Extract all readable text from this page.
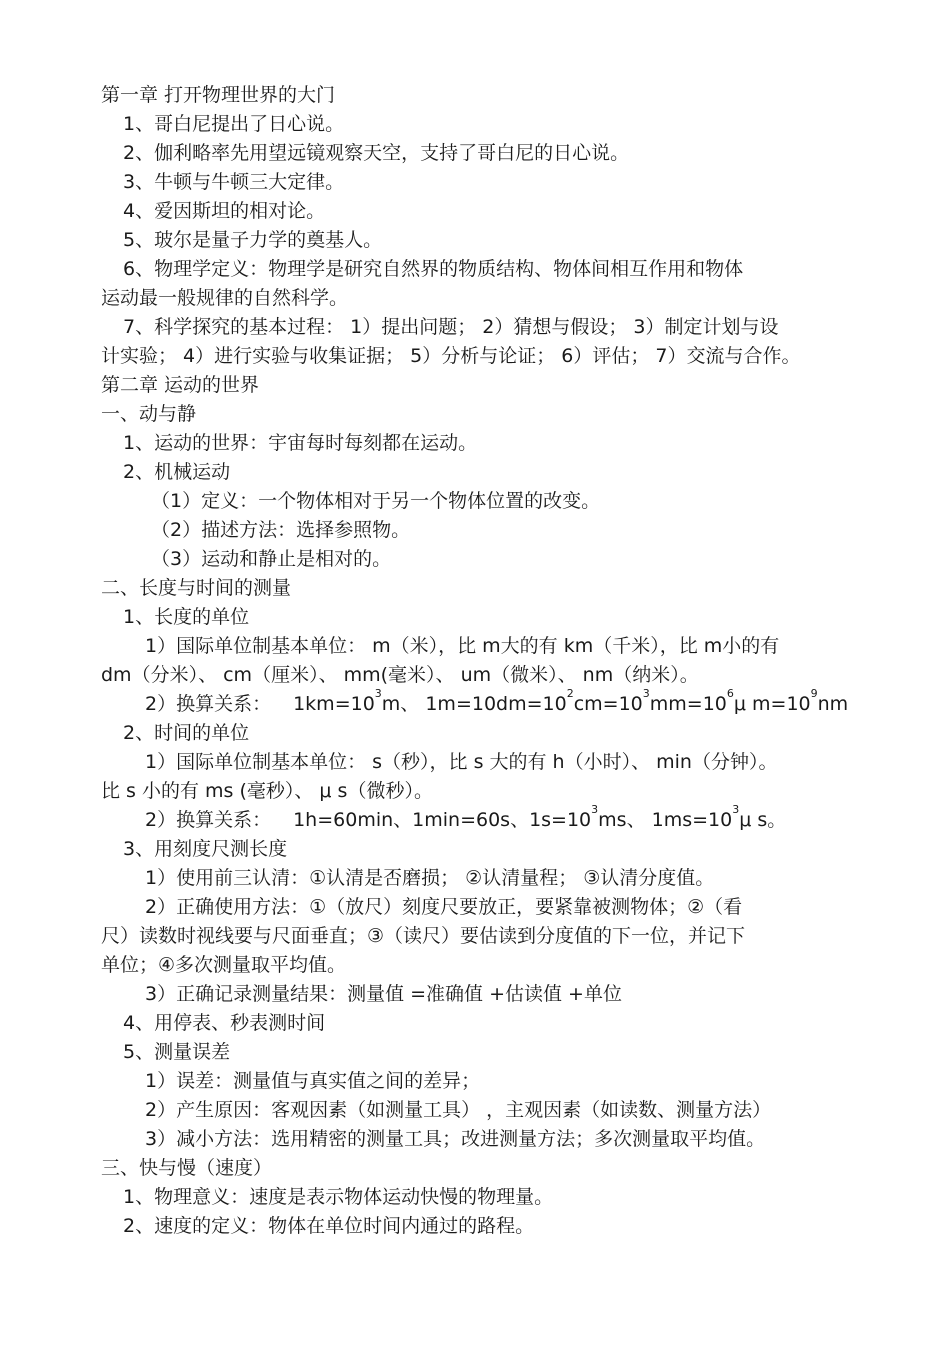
第一章 打开物理世界的大门
1、哥白尼提出了日心说。
2、伽利略率先用望远镜观察天空，支持了哥白尼的日心说。
3、牛顿与牛顿三大定律。
4、爱因斯坦的相对论。
5、玻尔是量子力学的奠基人。
6、物理学定义：物理学是研究自然界的物质结构、物体间相互作用和物体
运动最一般规律的自然科学。
7、科学探究的基本过程： 1）提出问题； 2）猜想与假设； 3）制定计划与设
计实验； 4）进行实验与收集证据； 5）分析与论证； 6）评估； 7）交流与合作。
第二章 运动的世界
一、动与静
1、运动的世界：宇宙每时每刻都在运动。
2、机械运动
（1）定义：一个物体相对于另一个物体位置的改变。
（2）描述方法：选择参照物。
（3）运动和静止是相对的。
二、长度与时间的测量
1、长度的单位
1）国际单位制基本单位： m（米），比 m大的有 km（千米），比 m小的有
dm（分米）、 cm（厘米）、 mm(毫米）、 um（微米）、 nm（纳米）。
2）换算关系： $1km=10^3m$、 $1m=10dm=10^2cm=10^3mm=10^6\mu$ $m=10^9nm$
2、时间的单位
1）国际单位制基本单位： s（秒），比 s 大的有 h（小时）、 min（分钟）。
比 s 小的有 ms (毫秒）、 μ s（微秒）。
2）换算关系： 1h=60min、1min=60s、$1s=10^3ms$、 $1ms=10^3\mu$ s。
3、用刻度尺测长度
1）使用前三认清：①认清是否磨损； ②认清量程； ③认清分度值。
2）正确使用方法：①（放尺）刻度尺要放正，要紧靠被测物体；②（看
尺）读数时视线要与尺面垂直；③（读尺）要估读到分度值的下一位，并记下
单位；④多次测量取平均值。
3）正确记录测量结果：测量值 =准确值 +估读值 +单位
4、用停表、秒表测时间
5、测量误差
1）误差：测量值与真实值之间的差异；
2）产生原因：客观因素（如测量工具） ，主观因素（如读数、测量方法）
3）减小方法：选用精密的测量工具；改进测量方法；多次测量取平均值。
三、快与慢（速度）
1、物理意义：速度是表示物体运动快慢的物理量。
2、速度的定义：物体在单位时间内通过的路程。
